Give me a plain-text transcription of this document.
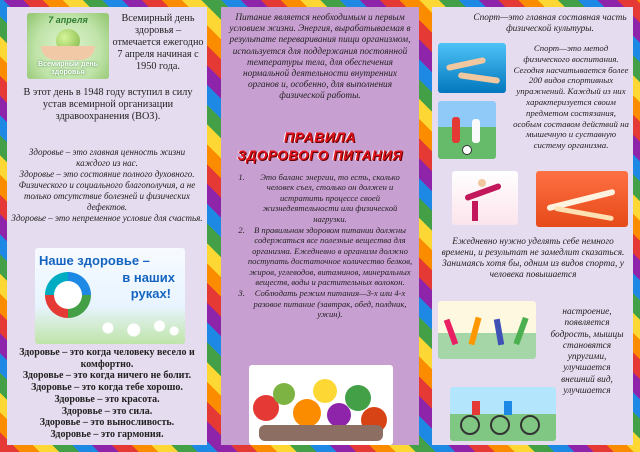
7 апреля
Всемирный день здоровья
Всемирный день здоровья – отмечается ежегодно 7 апреля начиная с 1950 года.
В этот день в 1948 году вступил в силу устав всемирной организации здравоохранения (ВОЗ).
Здоровье – это главная ценность жизни каждого из нас.
Здоровье – это состояние полного духовного. Физического и социального благополучия, а не только отсутствие болезней и физических дефектов.
Здоровье – это непременное условие для счастья.
Наше здоровье –
в наших
руках!
Здоровье – это когда человеку весело и комфортно.
Здоровье – это когда ничего не болит.
Здоровье – это когда тебе хорошо.
Здоровье – это красота.
Здоровье – это сила.
Здоровье – это выносливость.
Здоровье – это гармония.
Питание является необходимым и первым условием жизни. Энергия, вырабатываемая в результате переваривания пищи организмом, используется для поддержания постоянной температуры тела, для обеспечения нормальной деятельности внутренних органов и, особенно, для выполнения физической работы.
ПРАВИЛА
ЗДОРОВОГО ПИТАНИЯ
1. Это баланс энергии, то есть, сколько человек съел, столько он должен и истратить процессе своей жизнедеятельности или физической нагрузки.
2. В правильном здоровом питании должны содержаться все полезные вещества для организма. Ежедневно в организм должно поступать достаточное количество белков, жиров, углеводов, витаминов, минеральных веществ, воды и растительных волокон.
3. Соблюдать режим питания—3-х или 4-х разовое питание (завтрак, обед, полдник, ужин).
Спорт—это главная составная часть физической культуры.
Спорт—это метод физического воспитания. Сегодня насчитывается более 200 видов спортивных упражнений. Каждый из них характеризуется своим предметом состязания, особым составом действий на мышечную и суставную систему организма.
Ежедневно нужно уделять себе немного времени, и результат не замедлит сказаться. Занимаясь хотя бы, одним из видов спорта, у человека повышается
настроение,
появляется
бодрость, мышцы
становятся
упругими,
улучшается
внешний вид,
улучшается
